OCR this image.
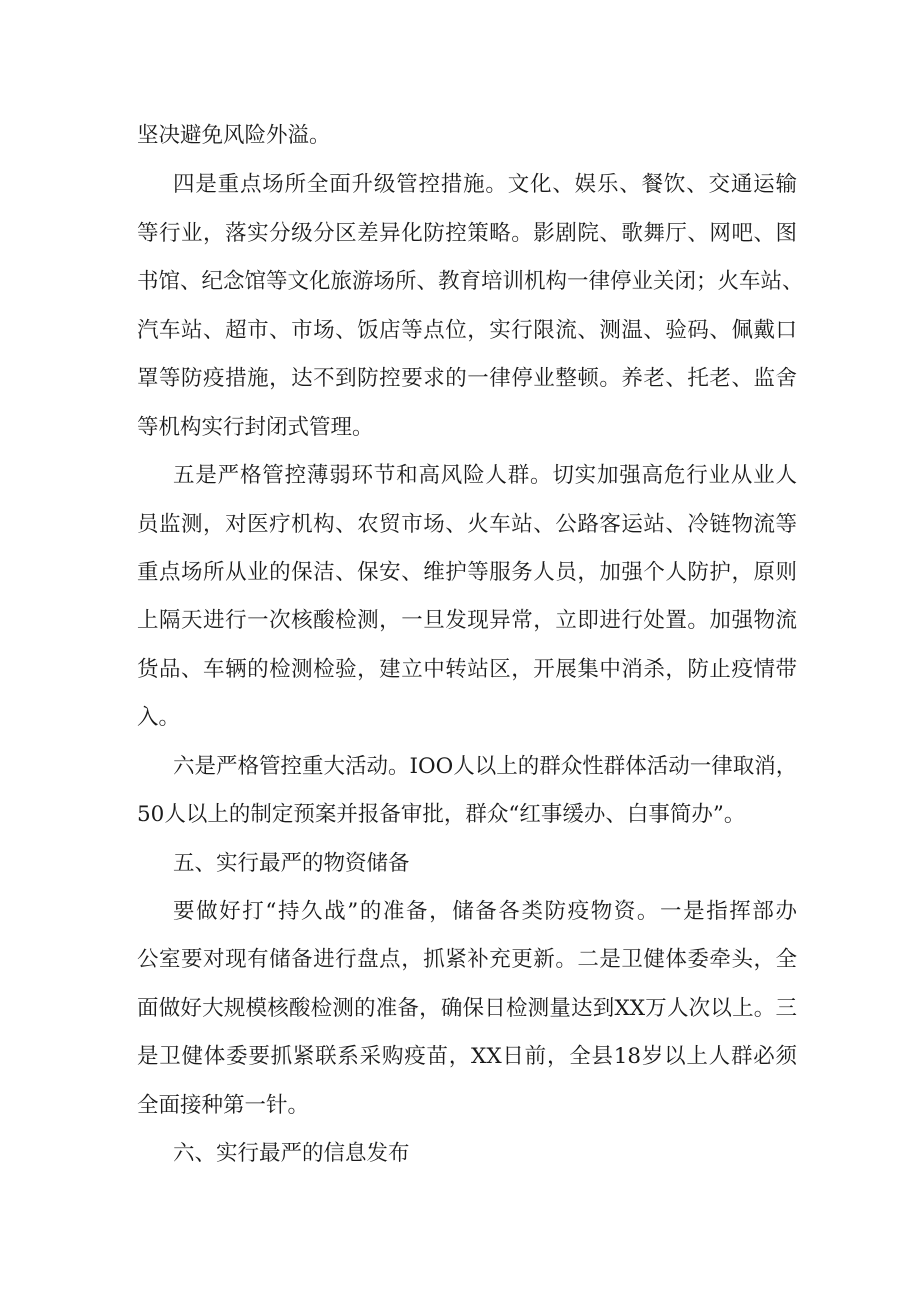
坚决避免风险外溢。
四是重点场所全面升级管控措施。文化、娱乐、餐饮、交通运输
等行业，落实分级分区差异化防控策略。影剧院、歌舞厅、网吧、图
书馆、纪念馆等文化旅游场所、教育培训机构一律停业关闭；火车站、
汽车站、超市、市场、饭店等点位，实行限流、测温、验码、佩戴口
罩等防疫措施，达不到防控要求的一律停业整顿。养老、托老、监舍
等机构实行封闭式管理。
五是严格管控薄弱环节和高风险人群。切实加强高危行业从业人
员监测，对医疗机构、农贸市场、火车站、公路客运站、冷链物流等
重点场所从业的保洁、保安、维护等服务人员，加强个人防护，原则
上隔天进行一次核酸检测，一旦发现异常，立即进行处置。加强物流
货品、车辆的检测检验，建立中转站区，开展集中消杀，防止疫情带
入。
六是严格管控重大活动。IOO人以上的群众性群体活动一律取消，
50人以上的制定预案并报备审批，群众“红事缓办、白事简办”。
五、实行最严的物资储备
要做好打“持久战”的准备，储备各类防疫物资。一是指挥部办
公室要对现有储备进行盘点，抓紧补充更新。二是卫健体委牵头，全
面做好大规模核酸检测的准备，确保日检测量达到XX万人次以上。三
是卫健体委要抓紧联系采购疫苗，XX日前，全县18岁以上人群必须
全面接种第一针。
六、实行最严的信息发布
